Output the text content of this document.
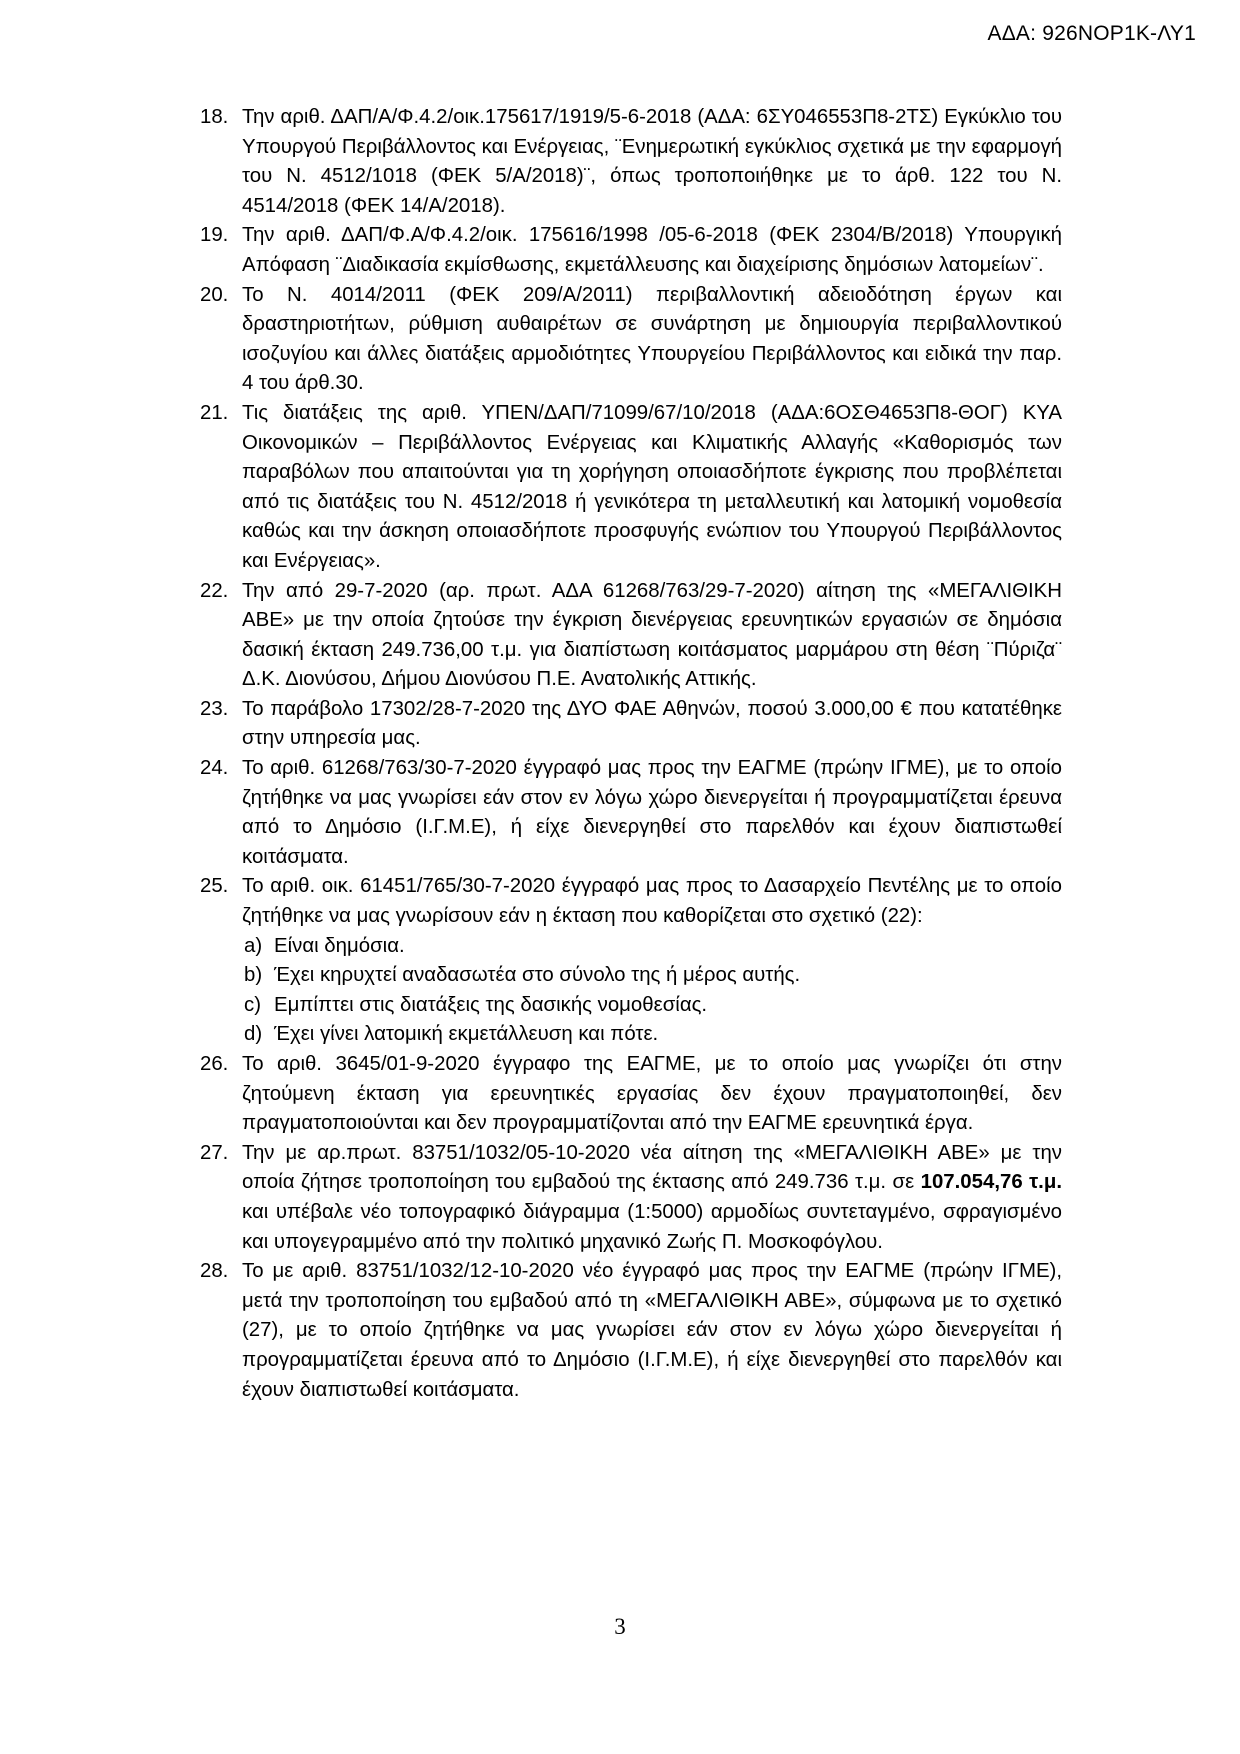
ΑΔΑ: 926ΝΟΡ1Κ-ΛΥ1
18. Την αριθ. ΔΑΠ/Α/Φ.4.2/οικ.175617/1919/5-6-2018 (ΑΔΑ: 6ΣΥ046553Π8-2ΤΣ) Εγκύκλιο του Υπουργού Περιβάλλοντος και Ενέργειας, ¨Ενημερωτική εγκύκλιος σχετικά με την εφαρμογή του Ν. 4512/1018 (ΦΕΚ 5/Α/2018)¨, όπως τροποποιήθηκε με το άρθ. 122 του Ν. 4514/2018 (ΦΕΚ 14/Α/2018).
19. Την αριθ. ΔΑΠ/Φ.Α/Φ.4.2/οικ. 175616/1998 /05-6-2018 (ΦΕΚ 2304/Β/2018) Υπουργική Απόφαση ¨Διαδικασία εκμίσθωσης, εκμετάλλευσης και διαχείρισης δημόσιων λατομείων¨.
20. Το Ν. 4014/2011 (ΦΕΚ 209/Α/2011) περιβαλλοντική αδειοδότηση έργων και δραστηριοτήτων, ρύθμιση αυθαιρέτων σε συνάρτηση με δημιουργία περιβαλλοντικού ισοζυγίου και άλλες διατάξεις αρμοδιότητες Υπουργείου Περιβάλλοντος και ειδικά την παρ. 4 του άρθ.30.
21. Τις διατάξεις της αριθ. ΥΠΕΝ/ΔΑΠ/71099/67/10/2018 (ΑΔΑ:6ΟΣΘ4653Π8-ΘΟΓ) ΚΥΑ Οικονομικών – Περιβάλλοντος Ενέργειας και Κλιματικής Αλλαγής «Καθορισμός των παραβόλων που απαιτούνται για τη χορήγηση οποιασδήποτε έγκρισης που προβλέπεται από τις διατάξεις του Ν. 4512/2018 ή γενικότερα τη μεταλλευτική και λατομική νομοθεσία καθώς και την άσκηση οποιασδήποτε προσφυγής ενώπιον του Υπουργού Περιβάλλοντος και Ενέργειας».
22. Την από 29-7-2020 (αρ. πρωτ. ΑΔΑ 61268/763/29-7-2020) αίτηση της «ΜΕΓΑΛΙΘΙΚΗ ΑΒΕ» με την οποία ζητούσε την έγκριση διενέργειας ερευνητικών εργασιών σε δημόσια δασική έκταση 249.736,00 τ.μ. για διαπίστωση κοιτάσματος μαρμάρου στη θέση ¨Πύριζα¨ Δ.Κ. Διονύσου, Δήμου Διονύσου Π.Ε. Ανατολικής Αττικής.
23. Το παράβολο 17302/28-7-2020 της ΔΥΟ ΦΑΕ Αθηνών, ποσού 3.000,00 € που κατατέθηκε στην υπηρεσία μας.
24. Το αριθ. 61268/763/30-7-2020 έγγραφό μας προς την ΕΑΓΜΕ (πρώην ΙΓΜΕ), με το οποίο ζητήθηκε να μας γνωρίσει εάν στον εν λόγω χώρο διενεργείται ή προγραμματίζεται έρευνα από το Δημόσιο (Ι.Γ.Μ.Ε), ή είχε διενεργηθεί στο παρελθόν και έχουν διαπιστωθεί κοιτάσματα.
25. Το αριθ. οικ. 61451/765/30-7-2020 έγγραφό μας προς το Δασαρχείο Πεντέλης με το οποίο ζητήθηκε να μας γνωρίσουν εάν η έκταση που καθορίζεται στο σχετικό (22):
a) Είναι δημόσια.
b) Έχει κηρυχτεί αναδασωτέα στο σύνολο της ή μέρος αυτής.
c) Εμπίπτει στις διατάξεις της δασικής νομοθεσίας.
d) Έχει γίνει λατομική εκμετάλλευση και πότε.
26. Το αριθ. 3645/01-9-2020 έγγραφο της ΕΑΓΜΕ, με το οποίο μας γνωρίζει ότι στην ζητούμενη έκταση για ερευνητικές εργασίας δεν έχουν πραγματοποιηθεί, δεν πραγματοποιούνται και δεν προγραμματίζονται από την ΕΑΓΜΕ ερευνητικά έργα.
27. Την με αρ.πρωτ. 83751/1032/05-10-2020 νέα αίτηση της «ΜΕΓΑΛΙΘΙΚΗ ΑΒΕ» με την οποία ζήτησε τροποποίηση του εμβαδού της έκτασης από 249.736 τ.μ. σε 107.054,76 τ.μ. και υπέβαλε νέο τοπογραφικό διάγραμμα (1:5000) αρμοδίως συντεταγμένο, σφραγισμένο και υπογεγραμμένο από την πολιτικό μηχανικό Ζωής Π. Μοσκοφόγλου.
28. Το με αριθ. 83751/1032/12-10-2020 νέο έγγραφό μας προς την ΕΑΓΜΕ (πρώην ΙΓΜΕ), μετά την τροποποίηση του εμβαδού από τη «ΜΕΓΑΛΙΘΙΚΗ ΑΒΕ», σύμφωνα με το σχετικό (27), με το οποίο ζητήθηκε να μας γνωρίσει εάν στον εν λόγω χώρο διενεργείται ή προγραμματίζεται έρευνα από το Δημόσιο (Ι.Γ.Μ.Ε), ή είχε διενεργηθεί στο παρελθόν και έχουν διαπιστωθεί κοιτάσματα.
3
